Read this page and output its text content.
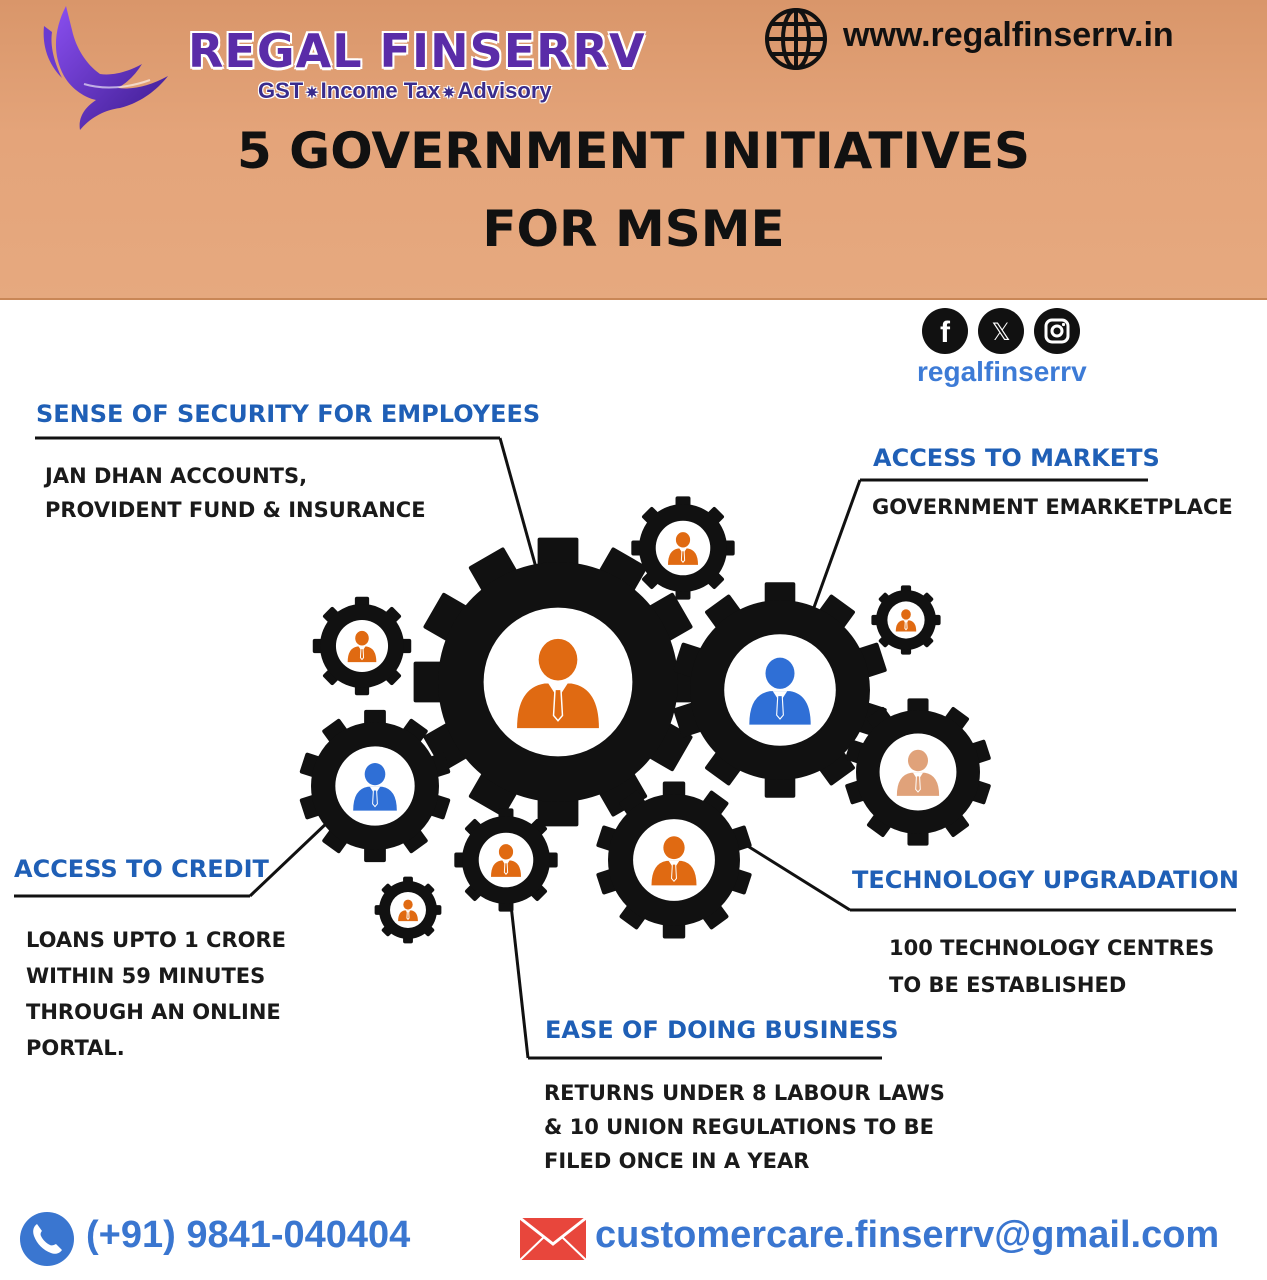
REGAL FINSERRV
GST ✷Income Tax ✷Advisory
www.regalfinserrv.in
5 GOVERNMENT INITIATIVES
FOR MSME
f 𝕏
regalfinserrv
SENSE OF SECURITY FOR EMPLOYEES
JAN DHAN ACCOUNTS,
PROVIDENT FUND & INSURANCE
ACCESS TO MARKETS
GOVERNMENT EMARKETPLACE
ACCESS TO CREDIT
LOANS UPTO 1 CRORE
WITHIN 59 MINUTES
THROUGH AN ONLINE
PORTAL.
TECHNOLOGY UPGRADATION
100 TECHNOLOGY CENTRES
TO BE ESTABLISHED
EASE OF DOING BUSINESS
RETURNS UNDER 8 LABOUR LAWS
& 10 UNION REGULATIONS TO BE
FILED ONCE IN A YEAR
(+91) 9841-040404	customercare.finserrv@gmail.com
